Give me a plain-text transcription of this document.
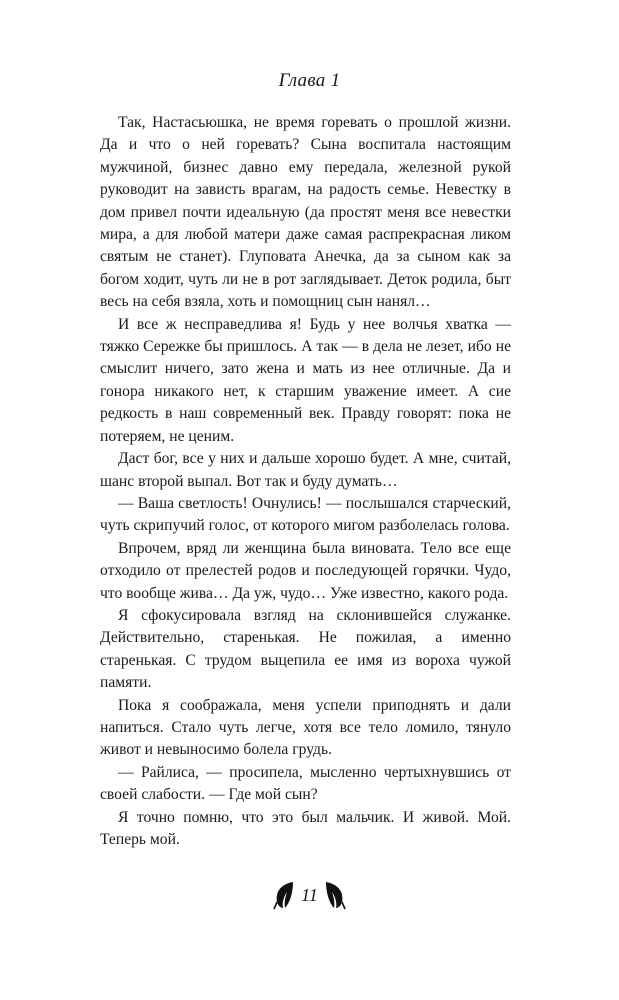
Глава 1

Так, Настасьюшка, не время горевать о прошлой жизни. Да и что о ней горевать? Сына воспитала настоящим мужчиной, бизнес давно ему передала, железной рукой руководит на зависть врагам, на радость семье. Невестку в дом привел почти идеальную (да простят меня все невестки мира, а для любой матери даже самая распрекрасная ликом святым не станет). Глуповата Анечка, да за сыном как за богом ходит, чуть ли не в рот заглядывает. Деток родила, быт весь на себя взяла, хоть и помощниц сын нанял…

И все ж несправедлива я! Будь у нее волчья хватка — тяжко Сережке бы пришлось. А так — в дела не лезет, ибо не смыслит ничего, зато жена и мать из нее отличные. Да и гонора никакого нет, к старшим уважение имеет. А сие редкость в наш современный век. Правду говорят: пока не потеряем, не ценим.

Даст бог, все у них и дальше хорошо будет. А мне, считай, шанс второй выпал. Вот так и буду думать…

— Ваша светлость! Очнулись! — послышался старческий, чуть скрипучий голос, от которого мигом разболелась голова.

Впрочем, вряд ли женщина была виновата. Тело все еще отходило от прелестей родов и последующей горячки. Чудо, что вообще жива… Да уж, чудо… Уже известно, какого рода.

Я сфокусировала взгляд на склонившейся служанке. Действительно, старенькая. Не пожилая, а именно старенькая. С трудом выцепила ее имя из вороха чужой памяти.

Пока я соображала, меня успели приподнять и дали напиться. Стало чуть легче, хотя все тело ломило, тянуло живот и невыносимо болела грудь.

— Райлиса, — просипела, мысленно чертыхнувшись от своей слабости. — Где мой сын?

Я точно помню, что это был мальчик. И живой. Мой. Теперь мой.

11
